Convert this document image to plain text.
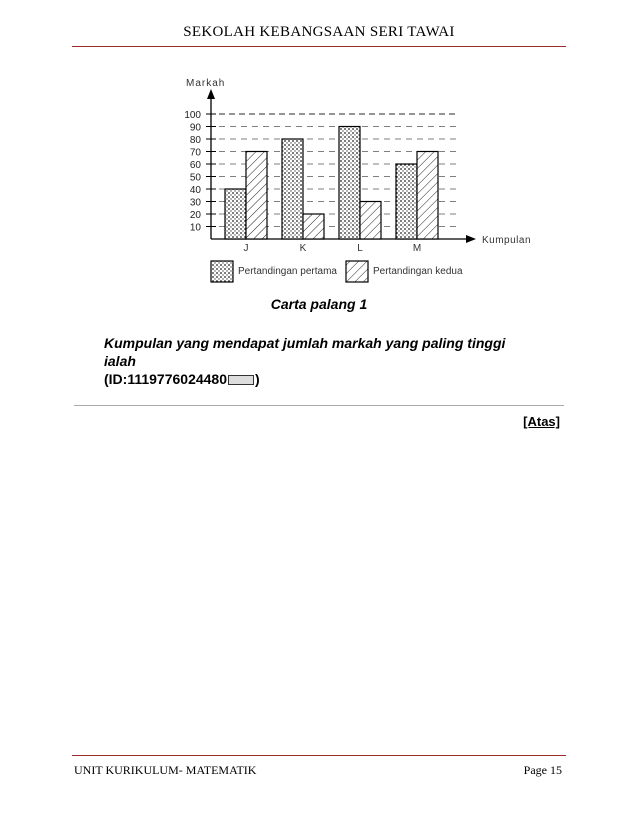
SEKOLAH KEBANGSAAN SERI TAWAI
10
20
30
40
50
60
70
80
90
100
Markah
Kumpulan
J	K	L	M
Pertandingan pertama	Pertandingan kedua
Carta palang 1
Kumpulan yang mendapat jumlah markah yang paling tinggi
ialah
(ID:1119776024480 )
[Atas]
UNIT KURIKULUM- MATEMATIK	Page 15
